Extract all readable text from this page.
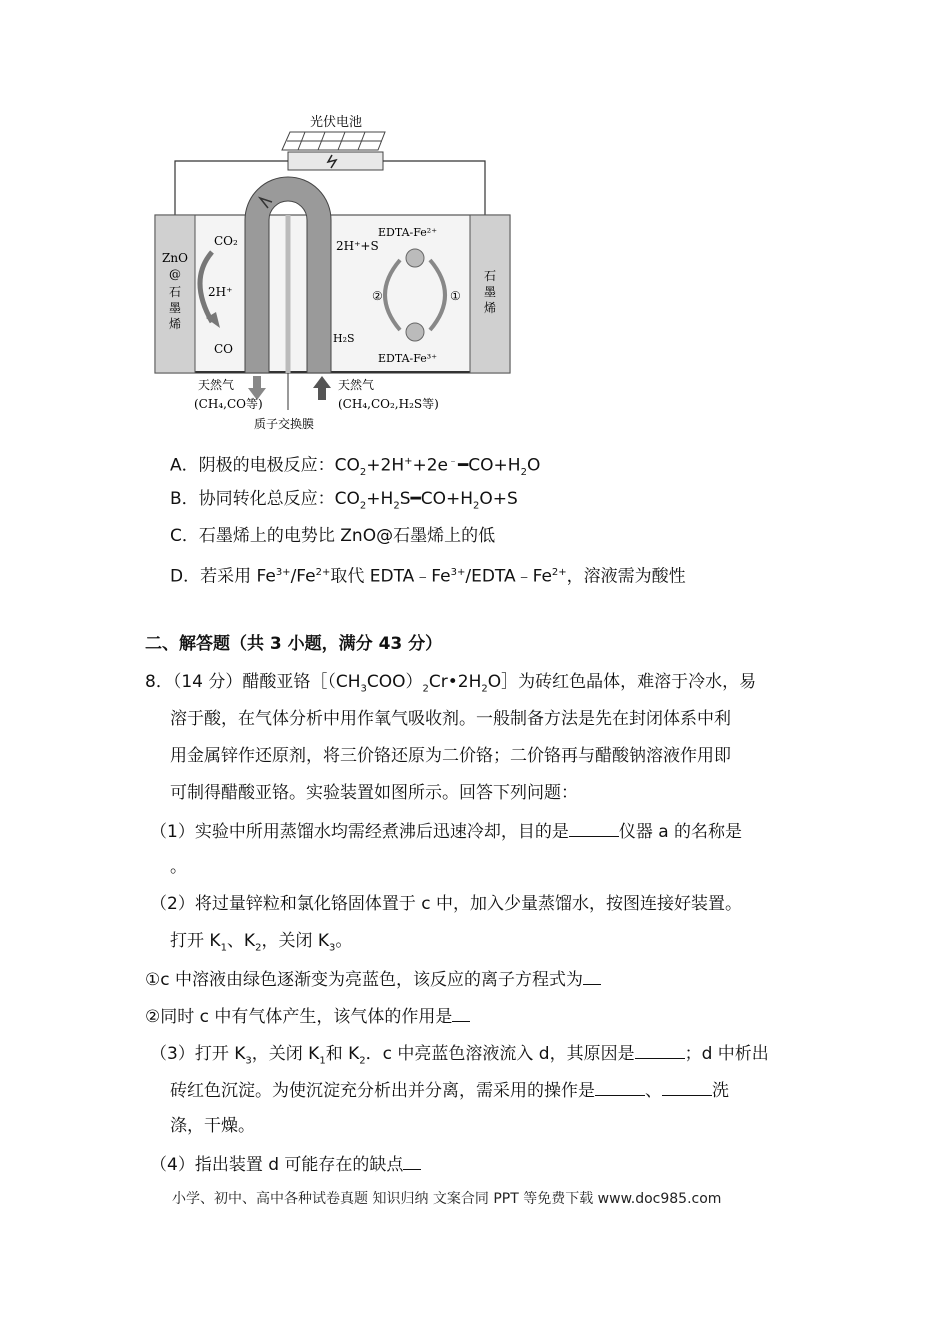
光伏电池
ZnO
@
石
墨
烯
石
墨
烯
CO₂
2H⁺
CO
2H⁺+S
EDTA-Fe²⁺
EDTA-Fe³⁺
H₂S
②	①
天然气
(CH₄,CO等)
天然气
(CH₄,CO₂,H₂S等)
质子交换膜
A．阴极的电极反应：$CO_2+2H^++2e^﹣━CO+H_2O$
B．协同转化总反应：$CO_2+H_2S━CO+H_2O+S$
C．石墨烯上的电势比 ZnO@石墨烯上的低
D．若采用 $Fe^{3+}/Fe^{2+}$取代 $EDTA﹣Fe^{3+}/EDTA﹣Fe^{2+}$，溶液需为酸性
二、解答题（共 3 小题，满分 43 分）
8．（14 分）醋酸亚铬$[(CH_3COO)_2Cr•2H_2O]$为砖红色晶体，难溶于冷水，易
溶于酸，在气体分析中用作氧气吸收剂。一般制备方法是先在封闭体系中利
用金属锌作还原剂，将三价铬还原为二价铬；二价铬再与醋酸钠溶液作用即
可制得醋酸亚铬。实验装置如图所示。回答下列问题：
（1）实验中所用蒸馏水均需经煮沸后迅速冷却，目的是	仪器 a 的名称是
。
（2）将过量锌粒和氯化铬固体置于 c 中，加入少量蒸馏水，按图连接好装置。
打开 $K_1$、$K_2$，关闭 $K_3$。
①c 中溶液由绿色逐渐变为亮蓝色，该反应的离子方程式为
②同时 c 中有气体产生，该气体的作用是
（3）打开 $K_3$，关闭 $K_1$和 $K_2$．c 中亮蓝色溶液流入 d，其原因是	；d 中析出
砖红色沉淀。为使沉淀充分析出并分离，需采用的操作是	、	洗
涤，干燥。
（4）指出装置 d 可能存在的缺点
小学、初中、高中各种试卷真题 知识归纳 文案合同 PPT 等免费下载 www.doc985.com
